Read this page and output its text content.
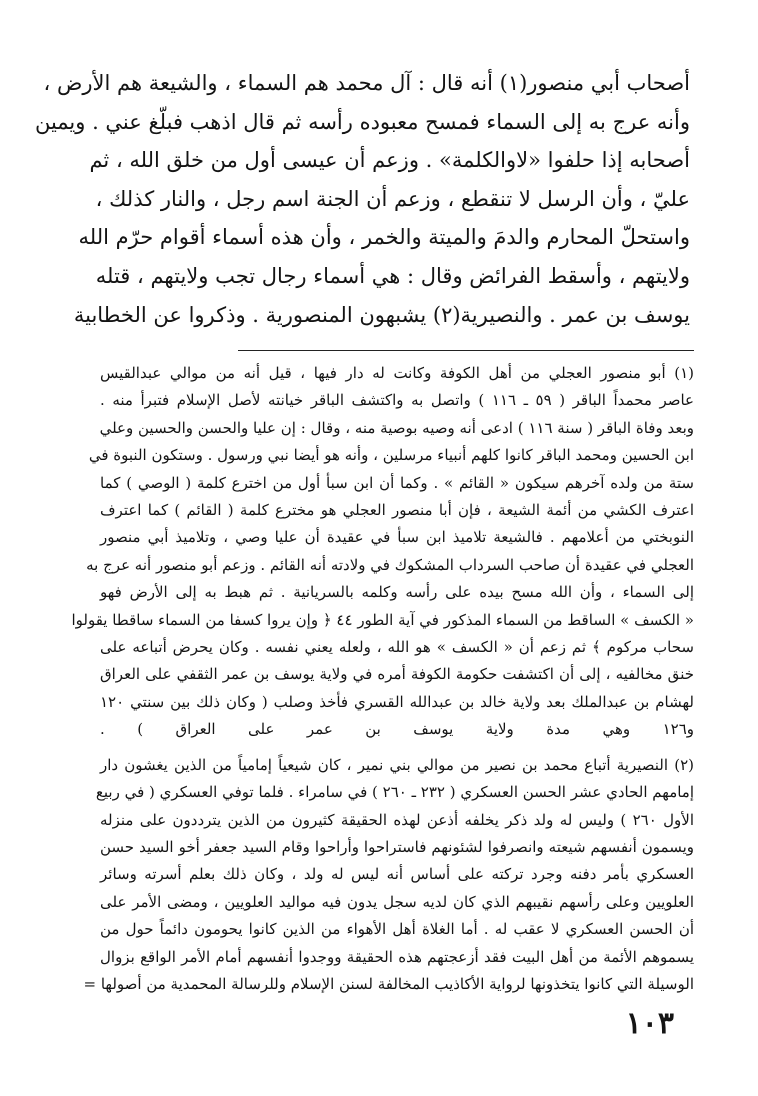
أصحاب أبي منصور(١) أنه قال : آل محمد هم السماء ، والشيعة هم الأرض ،
وأنه عرج به إلى السماء فمسح معبوده رأسه ثم قال اذهب فبلّغ عني . ويمين
أصحابه إذا حلفوا «لاوالكلمة» . وزعم أن عيسى أول من خلق الله ، ثم
عليّ ، وأن الرسل لا تنقطع ، وزعم أن الجنة اسم رجل ، والنار كذلك ،
واستحلّ المحارم والدمَ والميتة والخمر ، وأن هذه أسماء أقوام حرّم الله
ولايتهم ، وأسقط الفرائض وقال : هي أسماء رجال تجب ولايتهم ، قتله
يوسف بن عمر . والنصيرية(٢) يشبهون المنصورية . وذكروا عن الخطابية
(١) أبو منصور العجلي من أهل الكوفة وكانت له دار فيها ، قيل أنه من موالي عبدالقيس
عاصر محمداً الباقر ( ٥٩ ـ ١١٦ ) واتصل به واكتشف الباقر خيانته لأصل الإسلام فتبرأ منه .
وبعد وفاة الباقر ( سنة ١١٦ ) ادعى أنه وصيه بوصية منه ، وقال : إن عليا والحسن والحسين وعلي
ابن الحسين ومحمد الباقر كانوا كلهم أنبياء مرسلين ، وأنه هو أيضا نبي ورسول . وستكون النبوة في
ستة من ولده آخرهم سيكون « القائم » . وكما أن ابن سبأ أول من اخترع كلمة ( الوصي ) كما
اعترف الكشي من أئمة الشيعة ، فإن أبا منصور العجلي هو مخترع كلمة ( القائم ) كما اعترف
النوبختي من أعلامهم . فالشيعة تلاميذ ابن سبأ في عقيدة أن عليا وصي ، وتلاميذ أبي منصور
العجلي في عقيدة أن صاحب السرداب المشكوك في ولادته أنه القائم . وزعم أبو منصور أنه عرج به
إلى السماء ، وأن الله مسح بيده على رأسه وكلمه بالسريانية . ثم هبط به إلى الأرض فهو
« الكسف » الساقط من السماء المذكور في آية الطور ٤٤ ﴿ وإن يروا كسفا من السماء ساقطا يقولوا
سحاب مركوم ﴾ ثم زعم أن « الكسف » هو الله ، ولعله يعني نفسه . وكان يحرض أتباعه على
خنق مخالفيه ، إلى أن اكتشفت حكومة الكوفة أمره في ولاية يوسف بن عمر الثقفي على العراق
لهشام بن عبدالملك بعد ولاية خالد بن عبدالله القسري فأخذ وصلب ( وكان ذلك بين سنتي ١٢٠
و١٢٦ وهي مدة ولاية يوسف بن عمر على العراق ) .
(٢) النصيرية أتباع محمد بن نصير من موالي بني نمير ، كان شيعياً إمامياً من الذين يغشون دار
إمامهم الحادي عشر الحسن العسكري ( ٢٣٢ ـ ٢٦٠ ) في سامراء . فلما توفي العسكري ( في ربيع
الأول ٢٦٠ ) وليس له ولد ذكر يخلفه أذعن لهذه الحقيقة كثيرون من الذين يترددون على منزله
ويسمون أنفسهم شيعته وانصرفوا لشئونهم فاستراحوا وأراحوا وقام السيد جعفر أخو السيد حسن
العسكري بأمر دفنه وجرد تركته على أساس أنه ليس له ولد ، وكان ذلك بعلم أسرته وسائر
العلويين وعلى رأسهم نقيبهم الذي كان لديه سجل يدون فيه مواليد العلويين ، ومضى الأمر على
أن الحسن العسكري لا عقب له . أما الغلاة أهل الأهواء من الذين كانوا يحومون دائماً حول من
يسموهم الأئمة من أهل البيت فقد أزعجتهم هذه الحقيقة ووجدوا أنفسهم أمام الأمر الواقع بزوال
الوسيلة التي كانوا يتخذونها لرواية الأكاذيب المخالفة لسنن الإسلام وللرسالة المحمدية من أصولها =
١٠٣
